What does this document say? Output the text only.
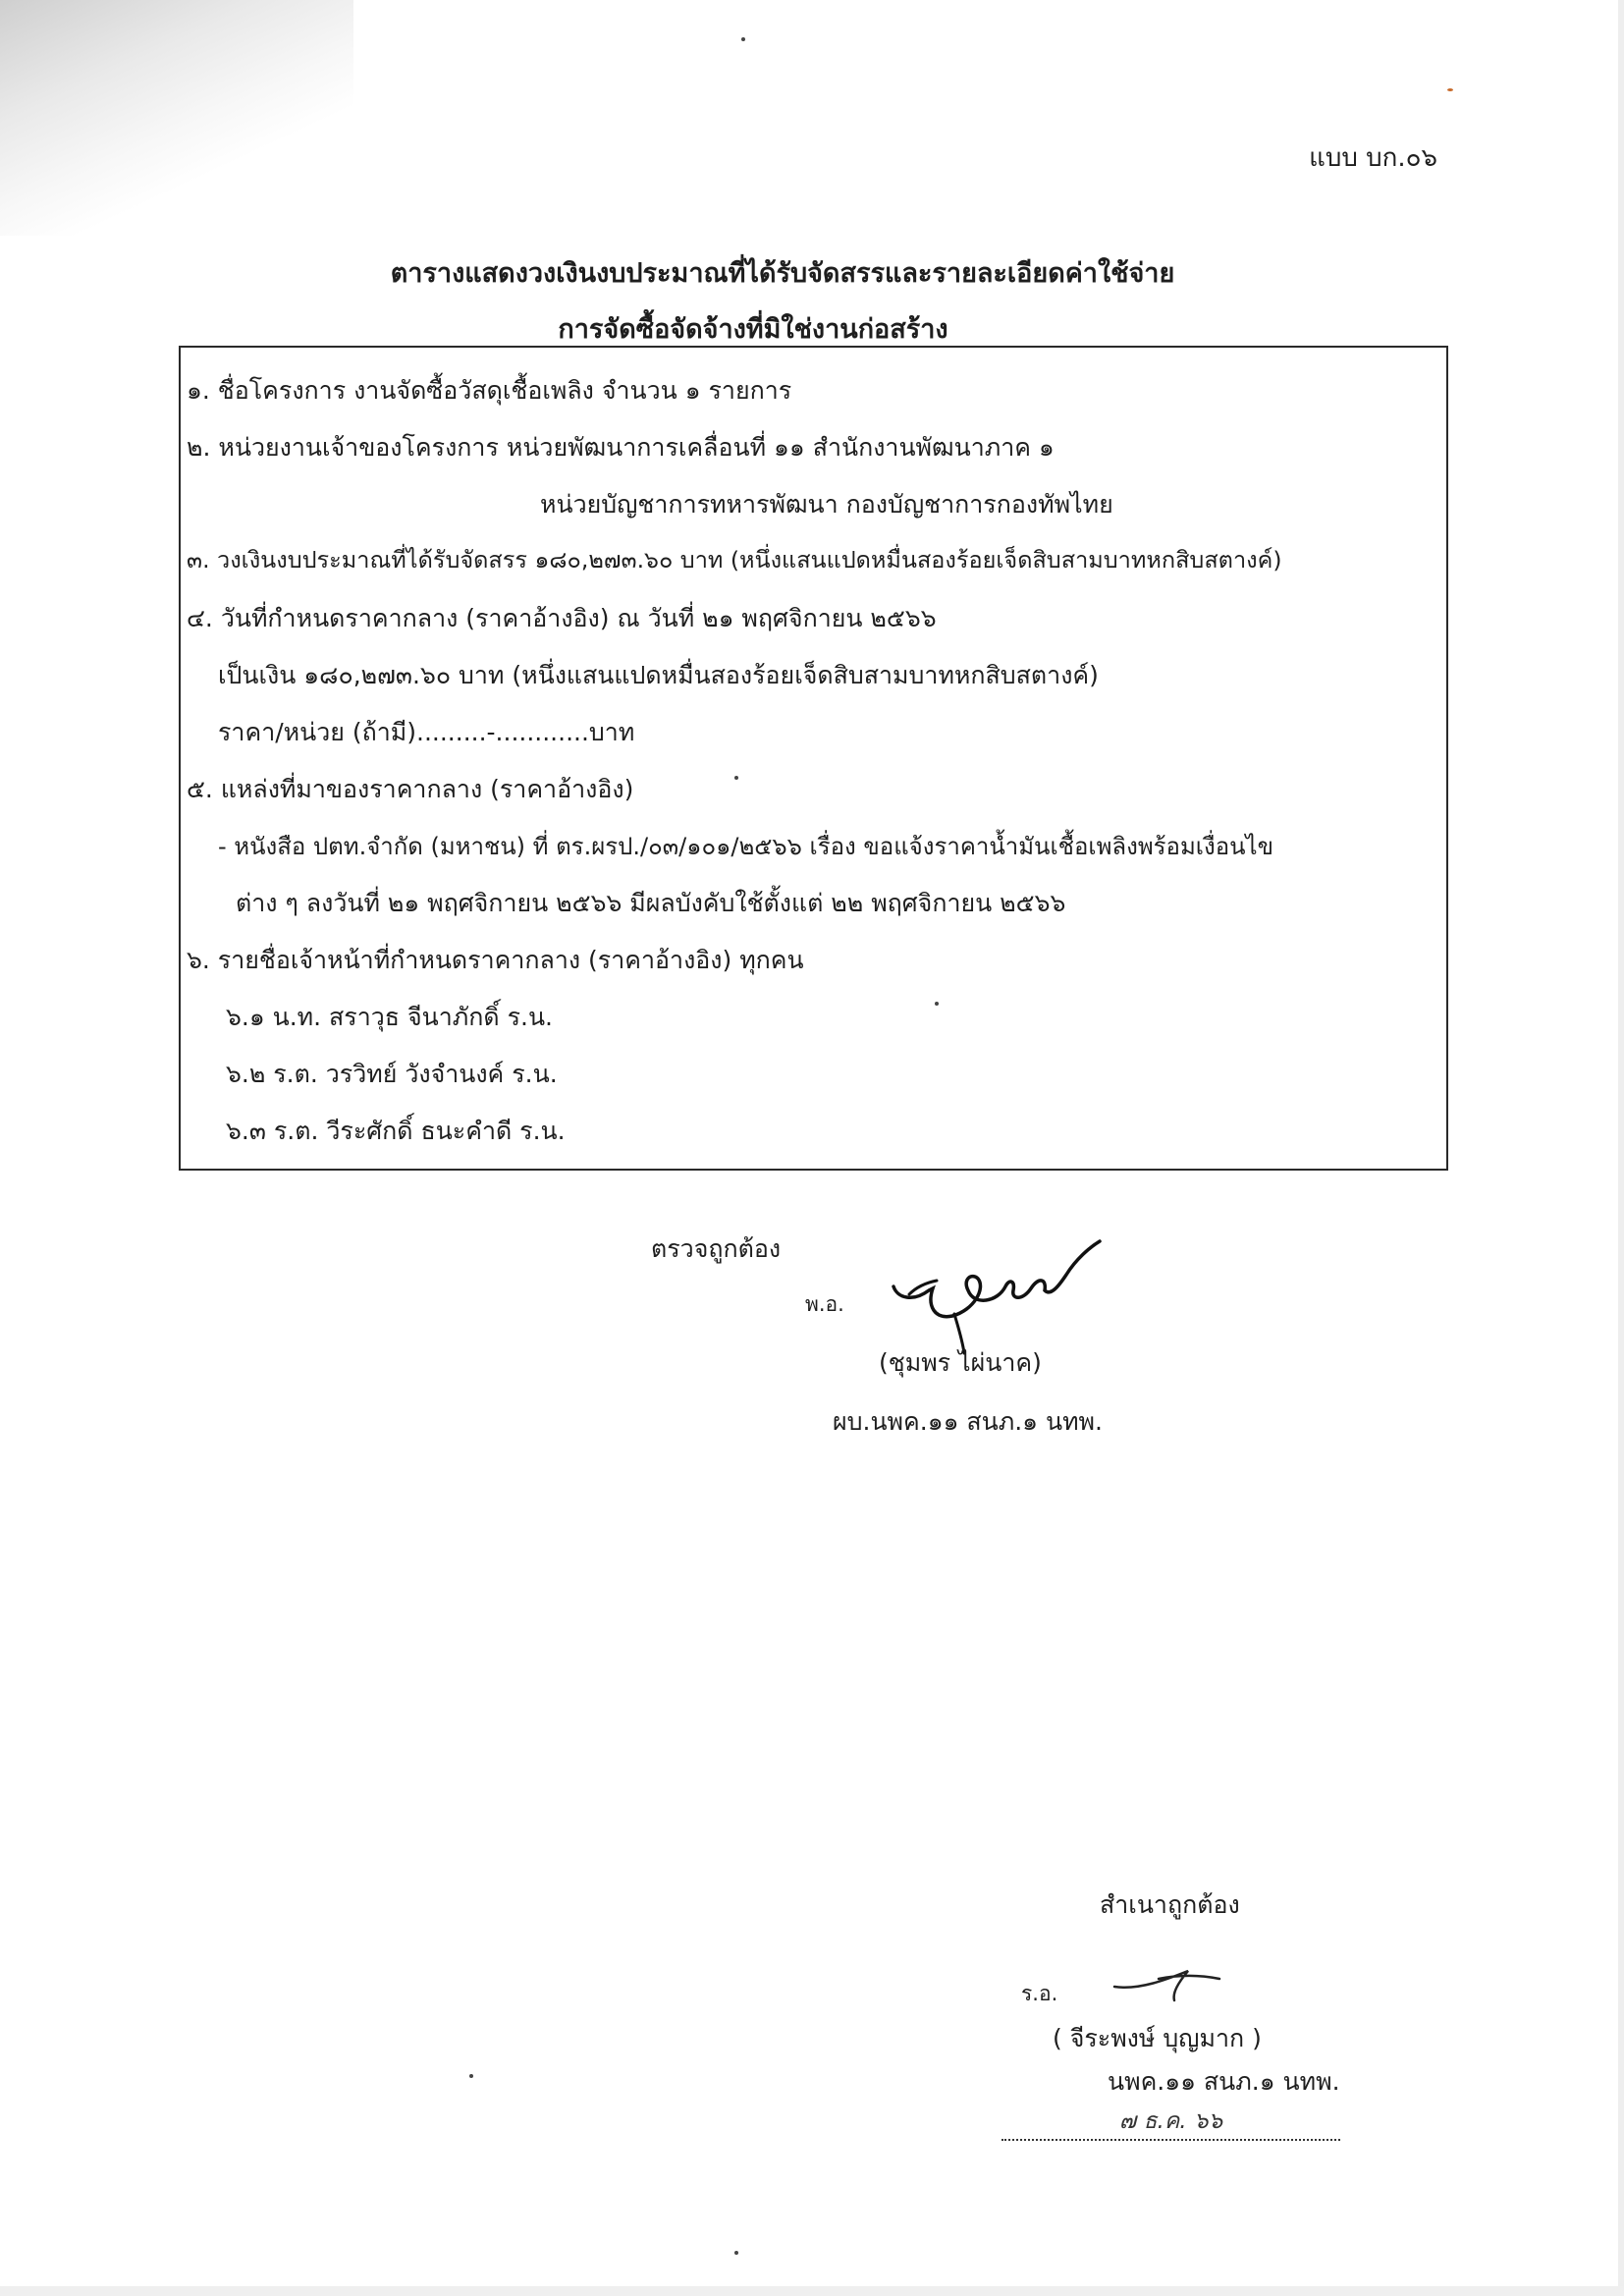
แบบ บก.๐๖
ตารางแสดงวงเงินงบประมาณที่ได้รับจัดสรรและรายละเอียดค่าใช้จ่าย
การจัดซื้อจัดจ้างที่มิใช่งานก่อสร้าง
๑. ชื่อโครงการ งานจัดซื้อวัสดุเชื้อเพลิง จำนวน ๑ รายการ
๒. หน่วยงานเจ้าของโครงการ หน่วยพัฒนาการเคลื่อนที่ ๑๑ สำนักงานพัฒนาภาค ๑
หน่วยบัญชาการทหารพัฒนา กองบัญชาการกองทัพไทย
๓. วงเงินงบประมาณที่ได้รับจัดสรร ๑๘๐,๒๗๓.๖๐ บาท (หนึ่งแสนแปดหมื่นสองร้อยเจ็ดสิบสามบาทหกสิบสตางค์)
๔. วันที่กำหนดราคากลาง (ราคาอ้างอิง) ณ วันที่ ๒๑ พฤศจิกายน ๒๕๖๖
เป็นเงิน ๑๘๐,๒๗๓.๖๐ บาท (หนึ่งแสนแปดหมื่นสองร้อยเจ็ดสิบสามบาทหกสิบสตางค์)
ราคา/หน่วย (ถ้ามี).........-............บาท
๕. แหล่งที่มาของราคากลาง (ราคาอ้างอิง)
- หนังสือ ปตท.จำกัด (มหาชน) ที่ ตร.ผรป./๐๓/๑๐๑/๒๕๖๖ เรื่อง ขอแจ้งราคาน้ำมันเชื้อเพลิงพร้อมเงื่อนไข
ต่าง ๆ ลงวันที่ ๒๑ พฤศจิกายน ๒๕๖๖ มีผลบังคับใช้ตั้งแต่ ๒๒ พฤศจิกายน ๒๕๖๖
๖. รายชื่อเจ้าหน้าที่กำหนดราคากลาง (ราคาอ้างอิง) ทุกคน
๖.๑ น.ท. สราวุธ จีนาภักดิ์ ร.น.
๖.๒ ร.ต. วรวิทย์ วังจำนงค์ ร.น.
๖.๓ ร.ต. วีระศักดิ์ ธนะคำดี ร.น.
ตรวจถูกต้อง
พ.อ.
(ชุมพร ไผ่นาค)
ผบ.นพค.๑๑ สนภ.๑ นทพ.
สำเนาถูกต้อง
ร.อ.
( จีระพงษ์ บุญมาก )
นพค.๑๑ สนภ.๑ นทพ.
๗ ธ.ค. ๖๖
